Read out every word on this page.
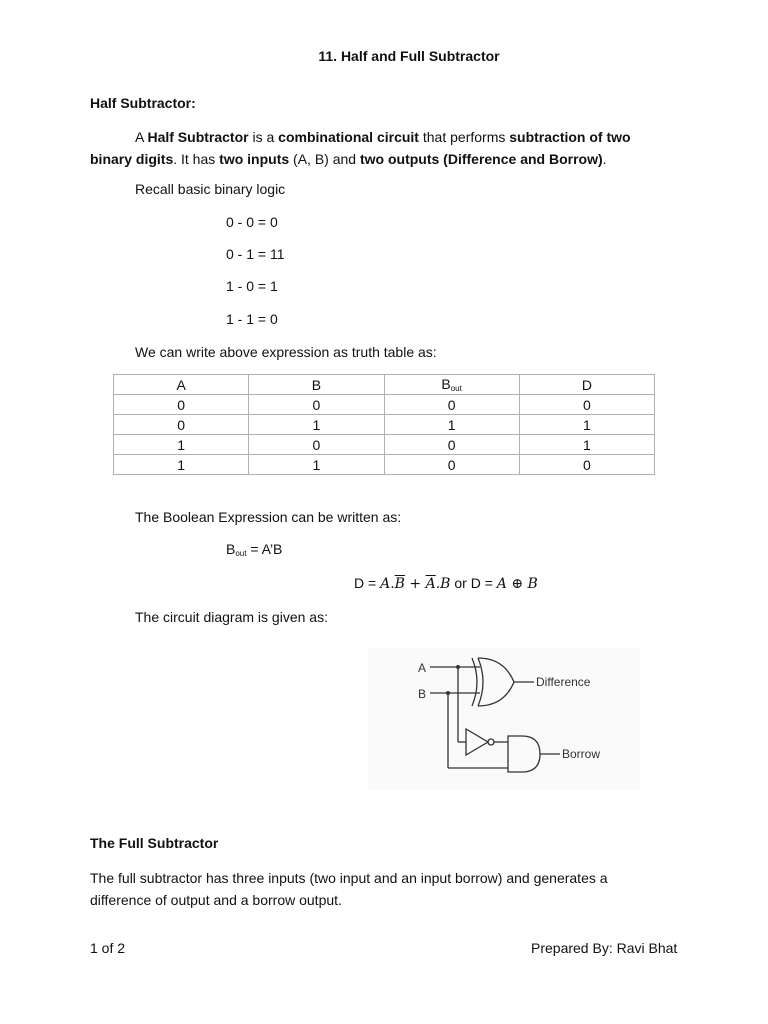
11. Half and Full Subtractor
Half Subtractor:
A Half Subtractor is a combinational circuit that performs subtraction of two binary digits. It has two inputs (A, B) and two outputs (Difference and Borrow).
Recall basic binary logic
0 - 0 = 0
0 - 1 = 11
1 - 0 = 1
1 - 1 = 0
We can write above expression as truth table as:
A	B	$B_{out}$	D
0	0	0	0
0	1	1	1
1	0	0	1
1	1	0	0
The Boolean Expression can be written as:
$B_{out}$ = A’B
$D = A.\overline{B} + \overline{A}.B$ or D = A ⊕ B
The circuit diagram is given as:
A
B
Difference
Borrow
The Full Subtractor
The full subtractor has three inputs (two input and an input borrow) and generates a difference of output and a borrow output.
1 of 2	Prepared By: Ravi Bhat
